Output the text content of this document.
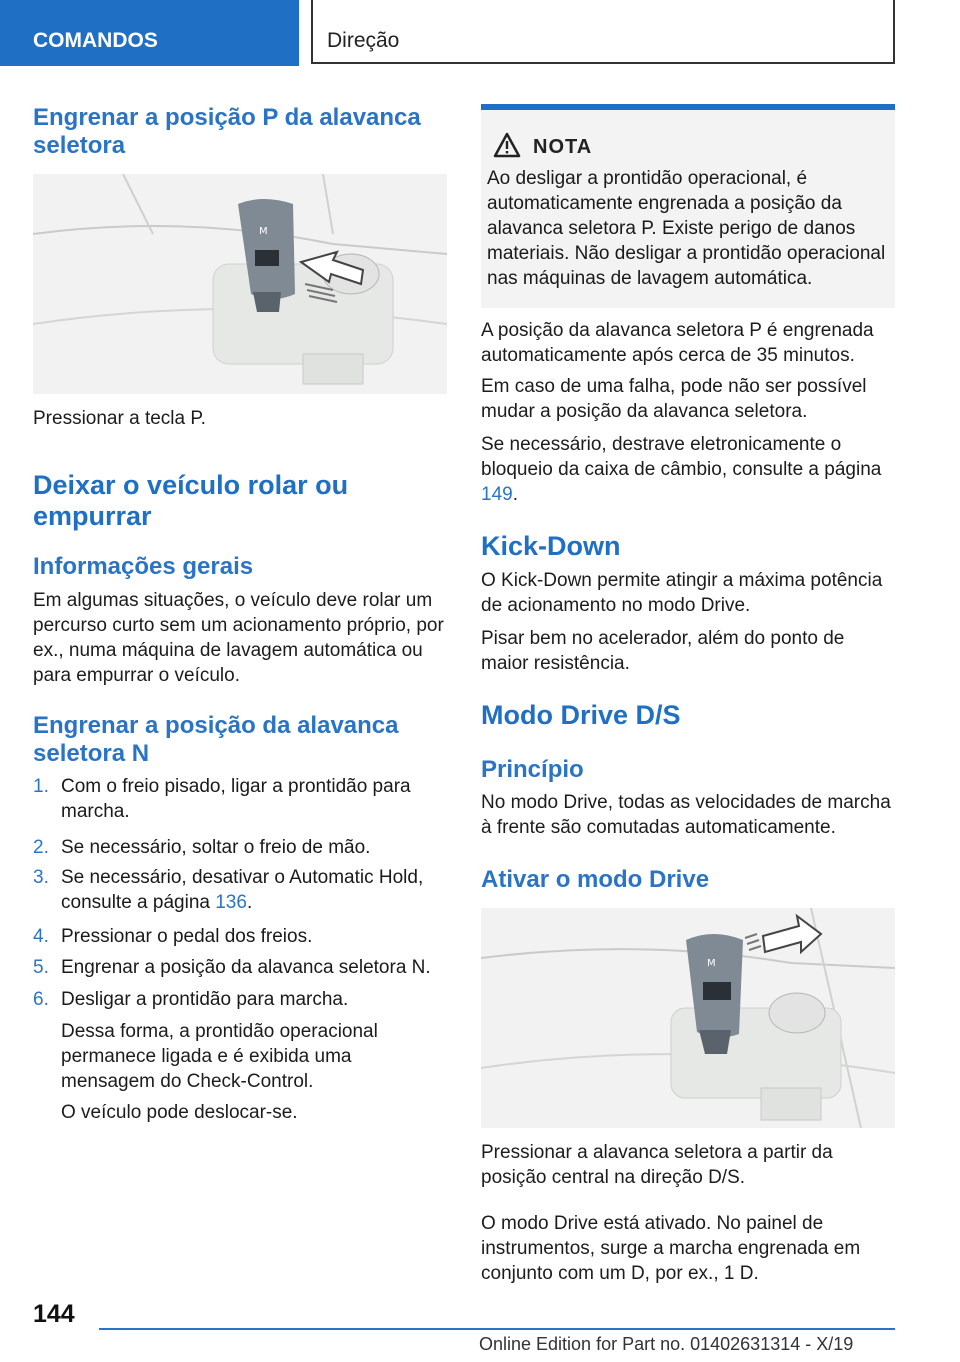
COMANDOS	Direção
Engrenar a posição P da alavanca seletora
M
Pressionar a tecla P.
Deixar o veículo rolar ou empurrar
Informações gerais
Em algumas situações, o veículo deve rolar um percurso curto sem um acionamento próprio, por ex., numa máquina de lavagem automática ou para empurrar o veículo.
Engrenar a posição da alavanca seletora N
1. Com o freio pisado, ligar a prontidão para marcha.
2. Se necessário, soltar o freio de mão.
3. Se necessário, desativar o Automatic Hold, consulte a página 136.
4. Pressionar o pedal dos freios.
5. Engrenar a posição da alavanca seletora N.
6. Desligar a prontidão para marcha.
Dessa forma, a prontidão operacional permanece ligada e é exibida uma mensagem do Check-Control.
O veículo pode deslocar-se.
NOTA
Ao desligar a prontidão operacional, é automaticamente engrenada a posição da alavanca seletora P. Existe perigo de danos materiais. Não desligar a prontidão operacional nas máquinas de lavagem automática.
A posição da alavanca seletora P é engrenada automaticamente após cerca de 35 minutos.
Em caso de uma falha, pode não ser possível mudar a posição da alavanca seletora.
Se necessário, destrave eletronicamente o bloqueio da caixa de câmbio, consulte a página 149.
Kick-Down
O Kick-Down permite atingir a máxima potência de acionamento no modo Drive.
Pisar bem no acelerador, além do ponto de maior resistência.
Modo Drive D/S
Princípio
No modo Drive, todas as velocidades de marcha à frente são comutadas automaticamente.
Ativar o modo Drive
M
Pressionar a alavanca seletora a partir da posição central na direção D/S.
O modo Drive está ativado. No painel de instrumentos, surge a marcha engrenada em conjunto com um D, por ex., 1 D.
144
Online Edition for Part no. 01402631314 - X/19
